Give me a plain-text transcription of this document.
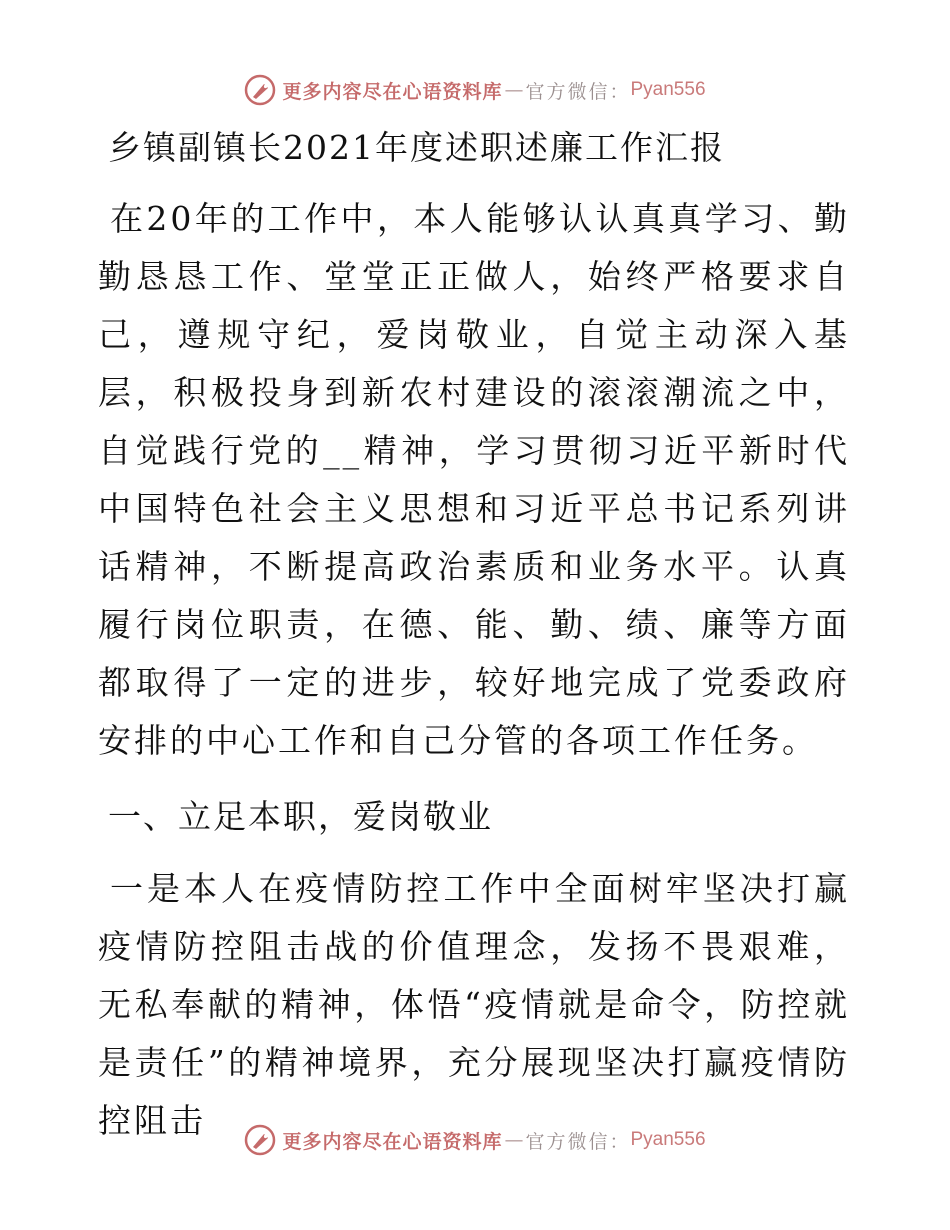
更多内容尽在心语资料库 — 官方微信： Pyan556
乡镇副镇长2021年度述职述廉工作汇报

在20年的工作中，本人能够认认真真学习、勤勤恳恳工作、堂堂正正做人，始终严格要求自己，遵规守纪，爱岗敬业，自觉主动深入基层，积极投身到新农村建设的滚滚潮流之中，自觉践行党的__精神，学习贯彻习近平新时代中国特色社会主义思想和习近平总书记系列讲话精神，不断提高政治素质和业务水平。认真履行岗位职责，在德、能、勤、绩、廉等方面都取得了一定的进步，较好地完成了党委政府安排的中心工作和自己分管的各项工作任务。

一、立足本职，爱岗敬业

一是本人在疫情防控工作中全面树牢坚决打赢疫情防控阻击战的价值理念，发扬不畏艰难，无私奉献的精神，体悟“疫情就是命令，防控就是责任”的精神境界，充分展现坚决打赢疫情防控阻击

更多内容尽在心语资料库 — 官方微信： Pyan556
